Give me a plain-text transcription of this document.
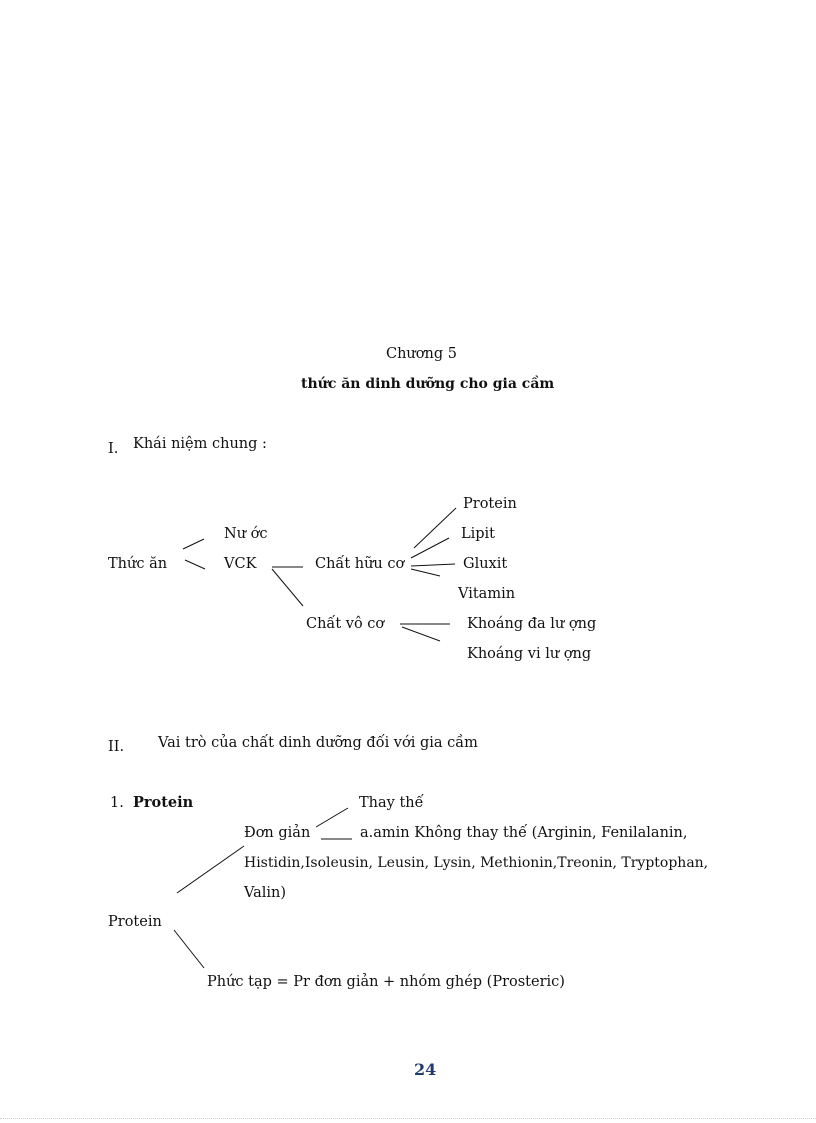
Chương 5
thức ăn dinh dưỡng cho gia cầm
I. Khái niệm chung :
Thức ăn
Nư ớc
VCK	Chất hữu cơ
Chất vô cơ
Protein
Lipit
Gluxit
Vitamin
Khoáng đa lư ợng
Khoáng vi lư ợng
II. Vai trò của chất dinh dưỡng đối với gia cầm
1. Protein	Thay thế
Đơn giản	a.amin Không thay thế (Arginin, Fenilalanin,
Histidin,Isoleusin, Leusin, Lysin, Methionin,Treonin, Tryptophan,
Valin)
Protein
Phức tạp = Pr đơn giản + nhóm ghép (Prosteric)
24
